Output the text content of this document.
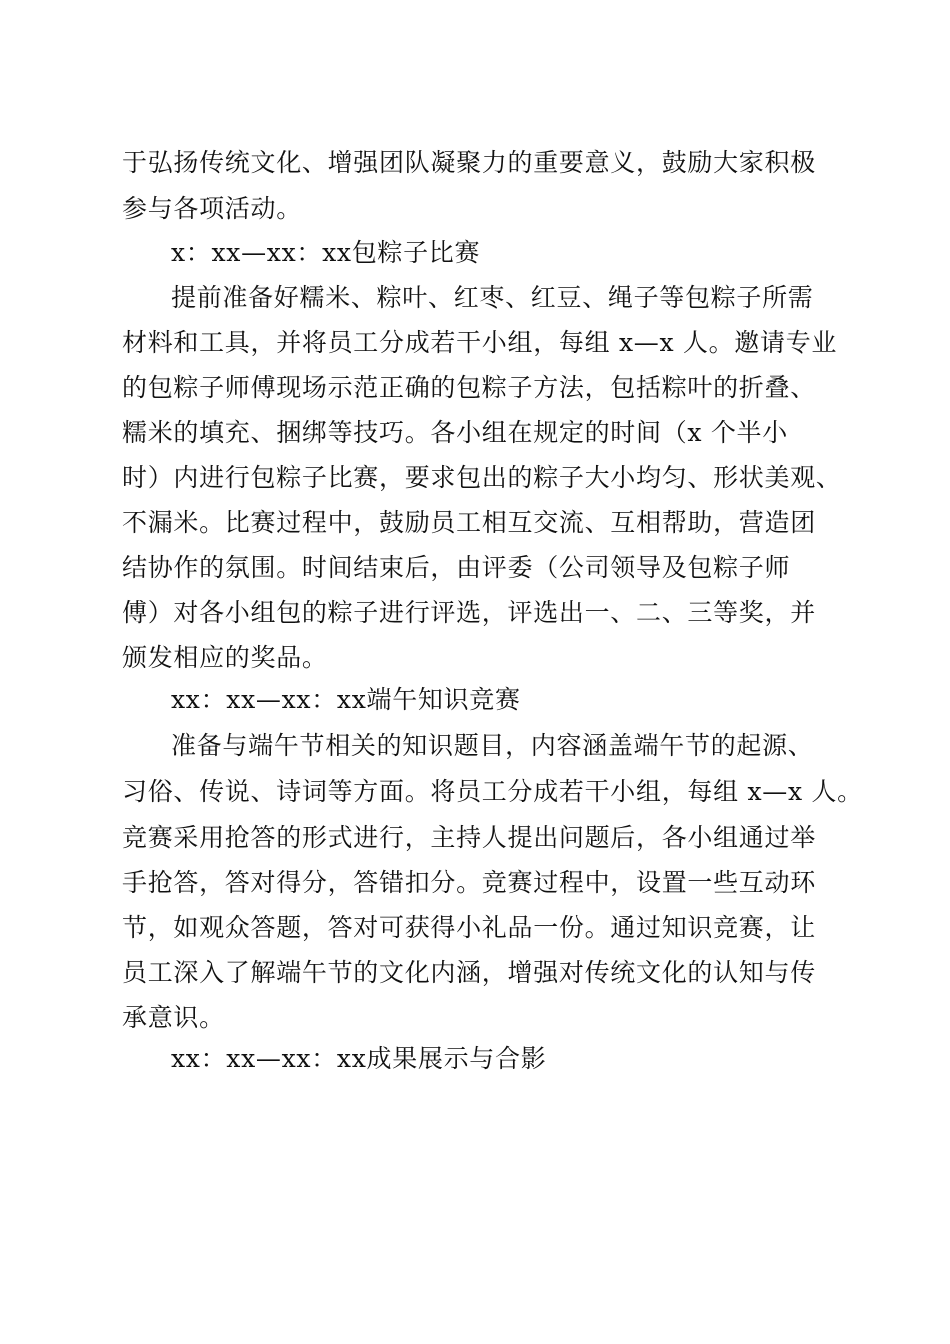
于弘扬传统文化、增强团队凝聚力的重要意义，鼓励大家积极

参与各项活动。

x：xx—xx：xx包粽子比赛

提前准备好糯米、粽叶、红枣、红豆、绳子等包粽子所需

材料和工具，并将员工分成若干小组，每组 x—x 人。邀请专业

的包粽子师傅现场示范正确的包粽子方法，包括粽叶的折叠、

糯米的填充、捆绑等技巧。各小组在规定的时间（x 个半小

时）内进行包粽子比赛，要求包出的粽子大小均匀、形状美观、

不漏米。比赛过程中，鼓励员工相互交流、互相帮助，营造团

结协作的氛围。时间结束后，由评委（公司领导及包粽子师

傅）对各小组包的粽子进行评选，评选出一、二、三等奖，并

颁发相应的奖品。

xx：xx—xx：xx端午知识竞赛

准备与端午节相关的知识题目，内容涵盖端午节的起源、

习俗、传说、诗词等方面。将员工分成若干小组，每组 x—x 人。

竞赛采用抢答的形式进行，主持人提出问题后，各小组通过举

手抢答，答对得分，答错扣分。竞赛过程中，设置一些互动环

节，如观众答题，答对可获得小礼品一份。通过知识竞赛，让

员工深入了解端午节的文化内涵，增强对传统文化的认知与传

承意识。

xx：xx—xx：xx成果展示与合影
